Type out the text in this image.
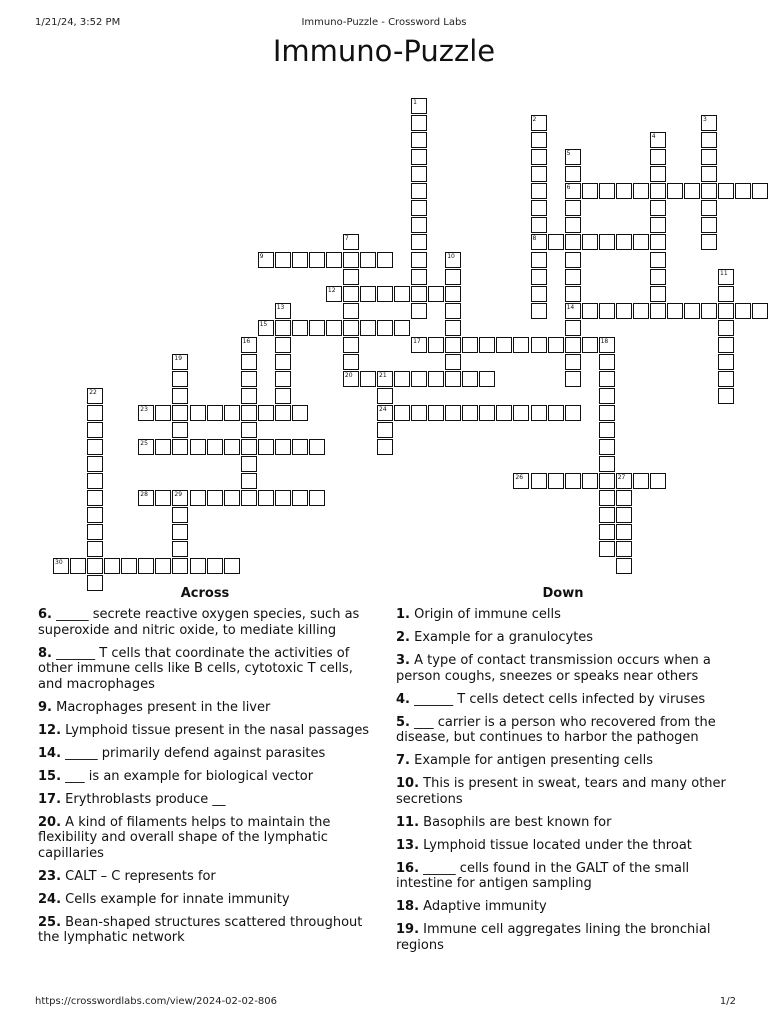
1/21/24, 3:52 PM	Immuno-Puzzle - Crossword Labs
Immuno-Puzzle
1
2
8
3
4
5
6
14
7
20
9	10
11
12
13
15
16	17	18
19
21
24
22
23
25
26	27
28	29
30
Across	Down
6. _____ secrete reactive oxygen species, such as superoxide and nitric oxide, to mediate killing
8. ______ T cells that coordinate the activities of other immune cells like B cells, cytotoxic T cells, and macrophages
9. Macrophages present in the liver
12. Lymphoid tissue present in the nasal passages
14. _____ primarily defend against parasites
15. ___ is an example for biological vector
17. Erythroblasts produce __
20. A kind of filaments helps to maintain the flexibility and overall shape of the lymphatic capillaries
23. CALT – C represents for
24. Cells example for innate immunity
25. Bean-shaped structures scattered throughout the lymphatic network
1. Origin of immune cells
2. Example for a granulocytes
3. A type of contact transmission occurs when a person coughs, sneezes or speaks near others
4. ______ T cells detect cells infected by viruses
5. ___ carrier is a person who recovered from the disease, but continues to harbor the pathogen
7. Example for antigen presenting cells
10. This is present in sweat, tears and many other secretions
11. Basophils are best known for
13. Lymphoid tissue located under the throat
16. _____ cells found in the GALT of the small intestine for antigen sampling
18. Adaptive immunity
19. Immune cell aggregates lining the bronchial regions
https://crosswordlabs.com/view/2024-02-02-806	1/2
